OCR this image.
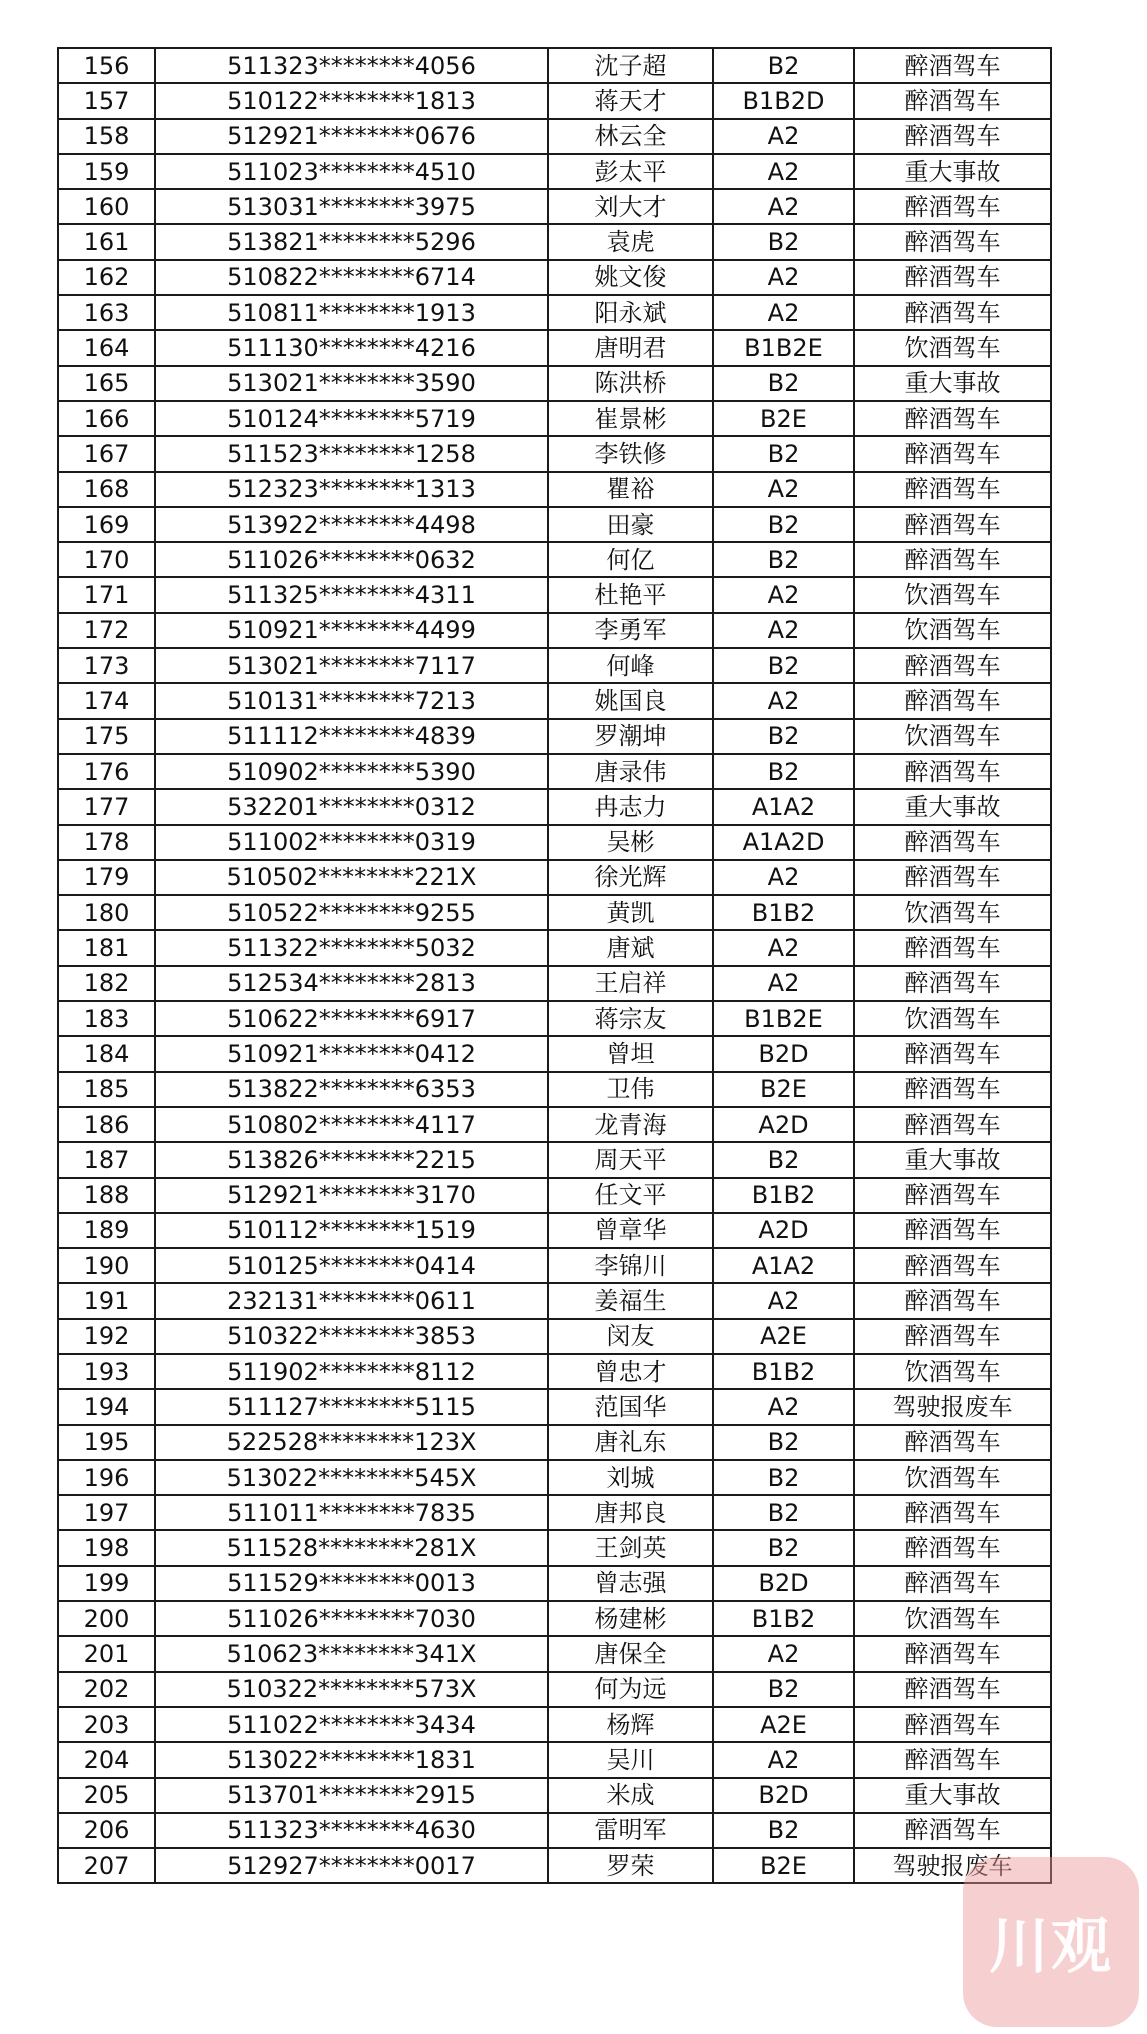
156	511323********4056	沈子超	B2	醉酒驾车
157	510122********1813	蒋天才	B1B2D	醉酒驾车
158	512921********0676	林云全	A2	醉酒驾车
159	511023********4510	彭太平	A2	重大事故
160	513031********3975	刘大才	A2	醉酒驾车
161	513821********5296	袁虎	B2	醉酒驾车
162	510822********6714	姚文俊	A2	醉酒驾车
163	510811********1913	阳永斌	A2	醉酒驾车
164	511130********4216	唐明君	B1B2E	饮酒驾车
165	513021********3590	陈洪桥	B2	重大事故
166	510124********5719	崔景彬	B2E	醉酒驾车
167	511523********1258	李铁修	B2	醉酒驾车
168	512323********1313	瞿裕	A2	醉酒驾车
169	513922********4498	田豪	B2	醉酒驾车
170	511026********0632	何亿	B2	醉酒驾车
171	511325********4311	杜艳平	A2	饮酒驾车
172	510921********4499	李勇军	A2	饮酒驾车
173	513021********7117	何峰	B2	醉酒驾车
174	510131********7213	姚国良	A2	醉酒驾车
175	511112********4839	罗潮坤	B2	饮酒驾车
176	510902********5390	唐录伟	B2	醉酒驾车
177	532201********0312	冉志力	A1A2	重大事故
178	511002********0319	吴彬	A1A2D	醉酒驾车
179	510502********221X	徐光辉	A2	醉酒驾车
180	510522********9255	黄凯	B1B2	饮酒驾车
181	511322********5032	唐斌	A2	醉酒驾车
182	512534********2813	王启祥	A2	醉酒驾车
183	510622********6917	蒋宗友	B1B2E	饮酒驾车
184	510921********0412	曾坦	B2D	醉酒驾车
185	513822********6353	卫伟	B2E	醉酒驾车
186	510802********4117	龙青海	A2D	醉酒驾车
187	513826********2215	周天平	B2	重大事故
188	512921********3170	任文平	B1B2	醉酒驾车
189	510112********1519	曾章华	A2D	醉酒驾车
190	510125********0414	李锦川	A1A2	醉酒驾车
191	232131********0611	姜福生	A2	醉酒驾车
192	510322********3853	闵友	A2E	醉酒驾车
193	511902********8112	曾忠才	B1B2	饮酒驾车
194	511127********5115	范国华	A2	驾驶报废车
195	522528********123X	唐礼东	B2	醉酒驾车
196	513022********545X	刘城	B2	饮酒驾车
197	511011********7835	唐邦良	B2	醉酒驾车
198	511528********281X	王剑英	B2	醉酒驾车
199	511529********0013	曾志强	B2D	醉酒驾车
200	511026********7030	杨建彬	B1B2	饮酒驾车
201	510623********341X	唐保全	A2	醉酒驾车
202	510322********573X	何为远	B2	醉酒驾车
203	511022********3434	杨辉	A2E	醉酒驾车
204	513022********1831	吴川	A2	醉酒驾车
205	513701********2915	米成	B2D	重大事故
206	511323********4630	雷明军	B2	醉酒驾车
207	512927********0017	罗荣	B2E	驾驶报废车
川观
